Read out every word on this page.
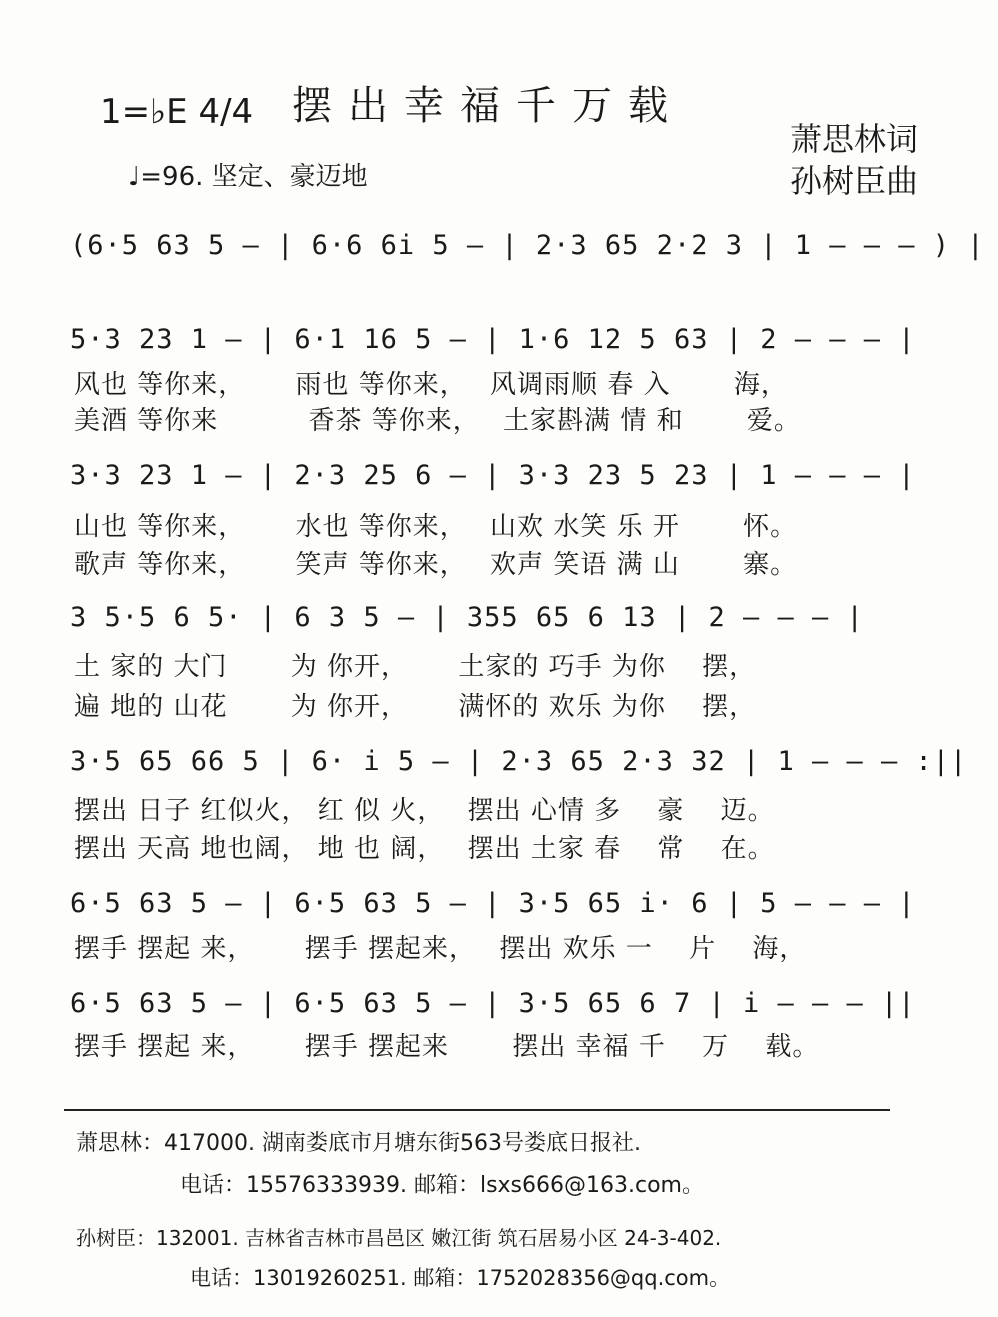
1=♭E 4/4 摆出幸福千万载
♩=96. 坚定、豪迈地
萧思林词
孙树臣曲
(6·5 63 5 — | 6·6 6i 5 — | 2·3 65 2·2 3 | 1 — — — ) |
5·3 23 1 — | 6·1 16 5 — | 1·6 12 5 63 | 2 — — — |
风也 等你来，　　 雨也 等你来，　 风调雨顺 春 入　　 海，
美酒 等你来　　　 香茶 等你来，　 土家斟满 情 和　　 爱。
3·3 23 1 — | 2·3 25 6 — | 3·3 23 5 23 | 1 — — — |
山也 等你来，　　 水也 等你来，　 山欢 水笑 乐 开　　 怀。
歌声 等你来，　　 笑声 等你来，　 欢声 笑语 满 山　　 寨。
3 5·5 6 5· | 6 3 5 — | 355 65 6 13 | 2 — — — |
土 家的 大门　　 为 你开，　　 土家的 巧手 为你　 摆，
遍 地的 山花　　 为 你开，　　 满怀的 欢乐 为你　 摆，
3·5 65 66 5 | 6· i 5 — | 2·3 65 2·3 32 | 1 — — — :||
摆出 日子 红似火， 红 似 火，　 摆出 心情 多　 豪　 迈。
摆出 天高 地也阔， 地 也 阔，　 摆出 土家 春　 常　 在。
6·5 63 5 — | 6·5 63 5 — | 3·5 65 i· 6 | 5 — — — |
摆手 摆起 来，　　 摆手 摆起来，　 摆出 欢乐 一　 片　 海，
6·5 63 5 — | 6·5 63 5 — | 3·5 65 6 7 | i — — — ||
摆手 摆起 来，　　 摆手 摆起来　　 摆出 幸福 千　 万　 载。
萧思林：417000. 湖南娄底市月塘东街563号娄底日报社.
电话：15576333939. 邮箱：lsxs666@163.com。
孙树臣：132001. 吉林省吉林市昌邑区 嫩江街 筑石居易小区 24-3-402.
电话：13019260251. 邮箱：1752028356@qq.com。
